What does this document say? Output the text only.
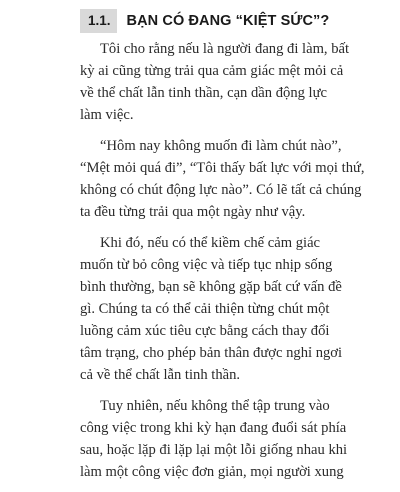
1.1.	BẠN CÓ ĐANG “KIỆT SỨC”?

Tôi cho rằng nếu là người đang đi làm, bất
kỳ ai cũng từng trải qua cảm giác mệt mỏi cả
về thể chất lẫn tinh thần, cạn dần động lực
làm việc.

“Hôm nay không muốn đi làm chút nào”,
“Mệt mỏi quá đi”, “Tôi thấy bất lực với mọi thứ,
không có chút động lực nào”. Có lẽ tất cả chúng
ta đều từng trải qua một ngày như vậy.

Khi đó, nếu có thể kiềm chế cảm giác
muốn từ bỏ công việc và tiếp tục nhịp sống
bình thường, bạn sẽ không gặp bất cứ vấn đề
gì. Chúng ta có thể cải thiện từng chút một
luồng cảm xúc tiêu cực bằng cách thay đổi
tâm trạng, cho phép bản thân được nghỉ ngơi
cả về thể chất lẫn tinh thần.

Tuy nhiên, nếu không thể tập trung vào
công việc trong khi kỳ hạn đang đuổi sát phía
sau, hoặc lặp đi lặp lại một lỗi giống nhau khi
làm một công việc đơn giản, mọi người xung
